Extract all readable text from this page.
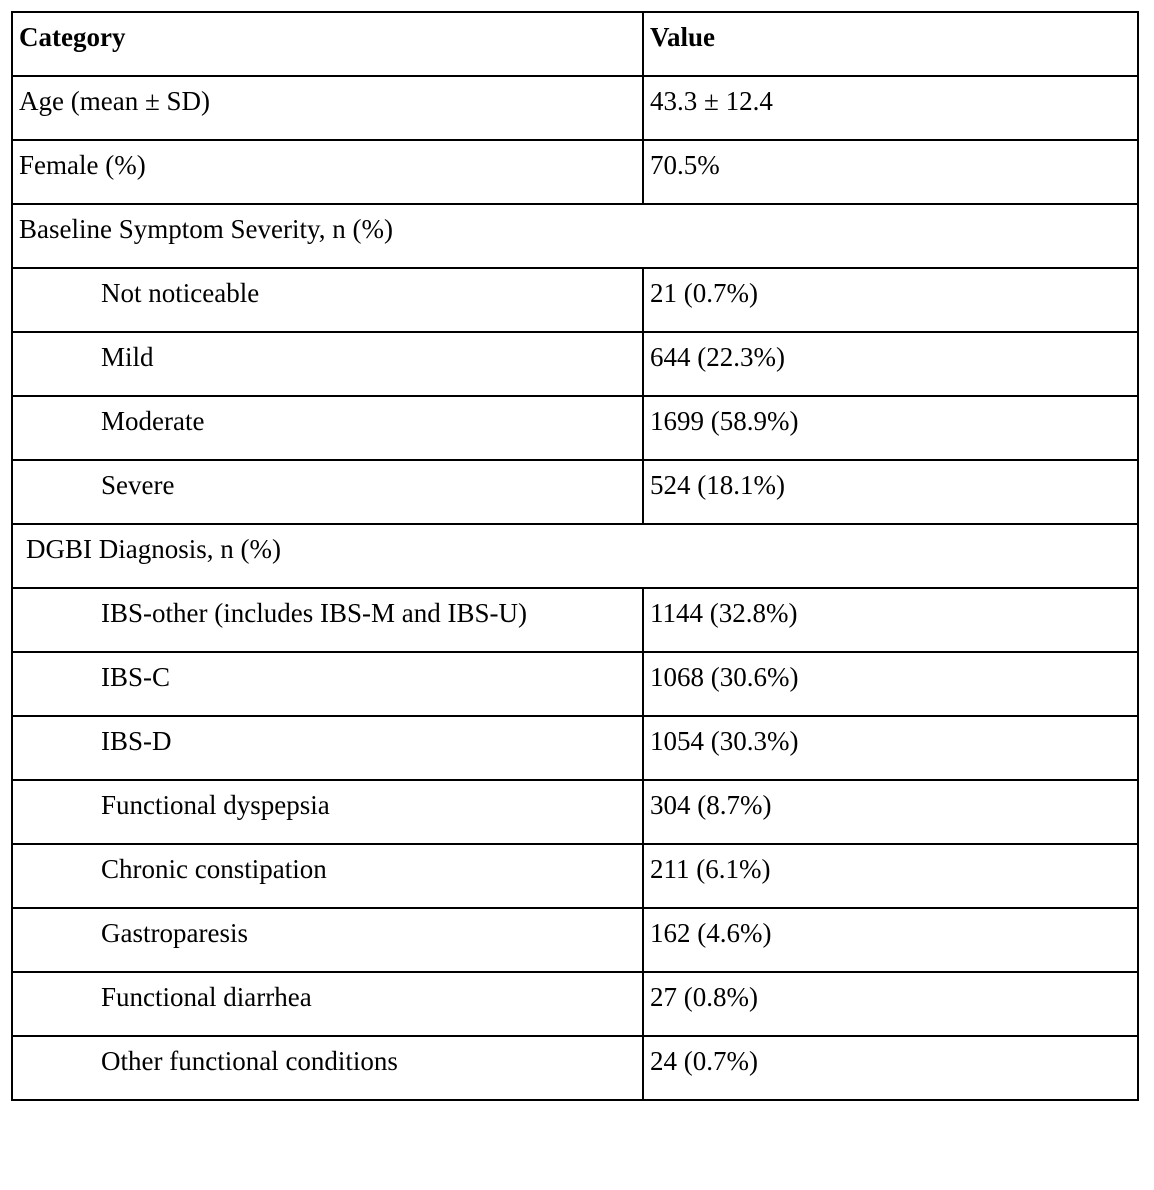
Category	Value

Age (mean ± SD)	43.3 ± 12.4

Female (%)	70.5%

Baseline Symptom Severity, n (%)	

Not noticeable	21 (0.7%)

Mild	644 (22.3%)

Moderate	1699 (58.9%)

Severe	524 (18.1%)

DGBI Diagnosis, n (%)	

IBS-other (includes IBS-M and IBS-U)	1144 (32.8%)

IBS-C	1068 (30.6%)

IBS-D	1054 (30.3%)

Functional dyspepsia	304 (8.7%)

Chronic constipation	211 (6.1%)

Gastroparesis	162 (4.6%)

Functional diarrhea	27 (0.8%)

Other functional conditions	24 (0.7%)
